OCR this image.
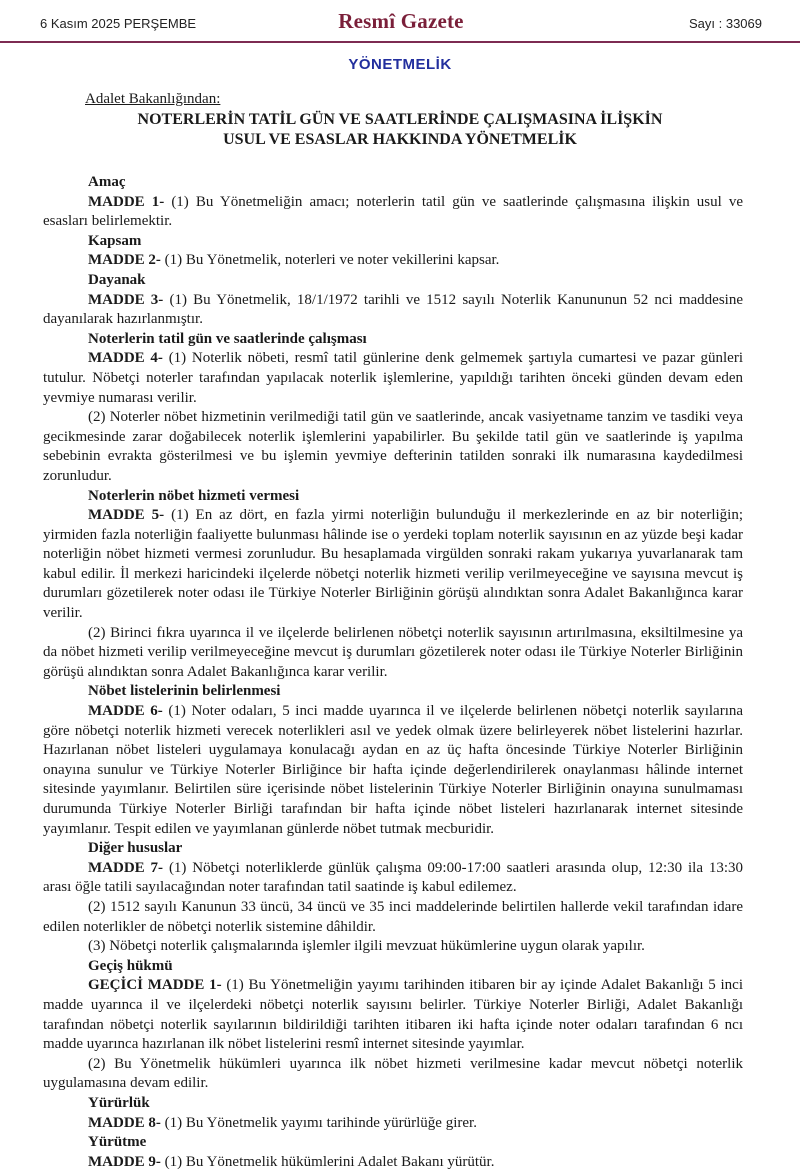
6 Kasım 2025 PERŞEMBE	Resmî Gazete	Sayı : 33069
YÖNETMELİK
Adalet Bakanlığından:
NOTERLERİN TATİL GÜN VE SAATLERİNDE ÇALIŞMASINA İLİŞKİN
USUL VE ESASLAR HAKKINDA YÖNETMELİK
Amaç
MADDE 1- (1) Bu Yönetmeliğin amacı; noterlerin tatil gün ve saatlerinde çalışmasına ilişkin usul ve esasları belirlemektir.
Kapsam
MADDE 2- (1) Bu Yönetmelik, noterleri ve noter vekillerini kapsar.
Dayanak
MADDE 3- (1) Bu Yönetmelik, 18/1/1972 tarihli ve 1512 sayılı Noterlik Kanununun 52 nci maddesine dayanılarak hazırlanmıştır.
Noterlerin tatil gün ve saatlerinde çalışması
MADDE 4- (1) Noterlik nöbeti, resmî tatil günlerine denk gelmemek şartıyla cumartesi ve pazar günleri tutulur. Nöbetçi noterler tarafından yapılacak noterlik işlemlerine, yapıldığı tarihten önceki günden devam eden yevmiye numarası verilir.
(2) Noterler nöbet hizmetinin verilmediği tatil gün ve saatlerinde, ancak vasiyetname tanzim ve tasdiki veya gecikmesinde zarar doğabilecek noterlik işlemlerini yapabilirler. Bu şekilde tatil gün ve saatlerinde iş yapılma sebebinin evrakta gösterilmesi ve bu işlemin yevmiye defterinin tatilden sonraki ilk numarasına kaydedilmesi zorunludur.
Noterlerin nöbet hizmeti vermesi
MADDE 5- (1) En az dört, en fazla yirmi noterliğin bulunduğu il merkezlerinde en az bir noterliğin; yirmiden fazla noterliğin faaliyette bulunması hâlinde ise o yerdeki toplam noterlik sayısının en az yüzde beşi kadar noterliğin nöbet hizmeti vermesi zorunludur. Bu hesaplamada virgülden sonraki rakam yukarıya yuvarlanarak tam kabul edilir. İl merkezi haricindeki ilçelerde nöbetçi noterlik hizmeti verilip verilmeyeceğine ve sayısına mevcut iş durumları gözetilerek noter odası ile Türkiye Noterler Birliğinin görüşü alındıktan sonra Adalet Bakanlığınca karar verilir.
(2) Birinci fıkra uyarınca il ve ilçelerde belirlenen nöbetçi noterlik sayısının artırılmasına, eksiltilmesine ya da nöbet hizmeti verilip verilmeyeceğine mevcut iş durumları gözetilerek noter odası ile Türkiye Noterler Birliğinin görüşü alındıktan sonra Adalet Bakanlığınca karar verilir.
Nöbet listelerinin belirlenmesi
MADDE 6- (1) Noter odaları, 5 inci madde uyarınca il ve ilçelerde belirlenen nöbetçi noterlik sayılarına göre nöbetçi noterlik hizmeti verecek noterlikleri asıl ve yedek olmak üzere belirleyerek nöbet listelerini hazırlar. Hazırlanan nöbet listeleri uygulamaya konulacağı aydan en az üç hafta öncesinde Türkiye Noterler Birliğinin onayına sunulur ve Türkiye Noterler Birliğince bir hafta içinde değerlendirilerek onaylanması hâlinde internet sitesinde yayımlanır. Belirtilen süre içerisinde nöbet listelerinin Türkiye Noterler Birliğinin onayına sunulmaması durumunda Türkiye Noterler Birliği tarafından bir hafta içinde nöbet listeleri hazırlanarak internet sitesinde yayımlanır. Tespit edilen ve yayımlanan günlerde nöbet tutmak mecburidir.
Diğer hususlar
MADDE 7- (1) Nöbetçi noterliklerde günlük çalışma 09:00-17:00 saatleri arasında olup, 12:30 ila 13:30 arası öğle tatili sayılacağından noter tarafından tatil saatinde iş kabul edilemez.
(2) 1512 sayılı Kanunun 33 üncü, 34 üncü ve 35 inci maddelerinde belirtilen hallerde vekil tarafından idare edilen noterlikler de nöbetçi noterlik sistemine dâhildir.
(3) Nöbetçi noterlik çalışmalarında işlemler ilgili mevzuat hükümlerine uygun olarak yapılır.
Geçiş hükmü
GEÇİCİ MADDE 1- (1) Bu Yönetmeliğin yayımı tarihinden itibaren bir ay içinde Adalet Bakanlığı 5 inci madde uyarınca il ve ilçelerdeki nöbetçi noterlik sayısını belirler. Türkiye Noterler Birliği, Adalet Bakanlığı tarafından nöbetçi noterlik sayılarının bildirildiği tarihten itibaren iki hafta içinde noter odaları tarafından 6 ncı madde uyarınca hazırlanan ilk nöbet listelerini resmî internet sitesinde yayımlar.
(2) Bu Yönetmelik hükümleri uyarınca ilk nöbet hizmeti verilmesine kadar mevcut nöbetçi noterlik uygulamasına devam edilir.
Yürürlük
MADDE 8- (1) Bu Yönetmelik yayımı tarihinde yürürlüğe girer.
Yürütme
MADDE 9- (1) Bu Yönetmelik hükümlerini Adalet Bakanı yürütür.
